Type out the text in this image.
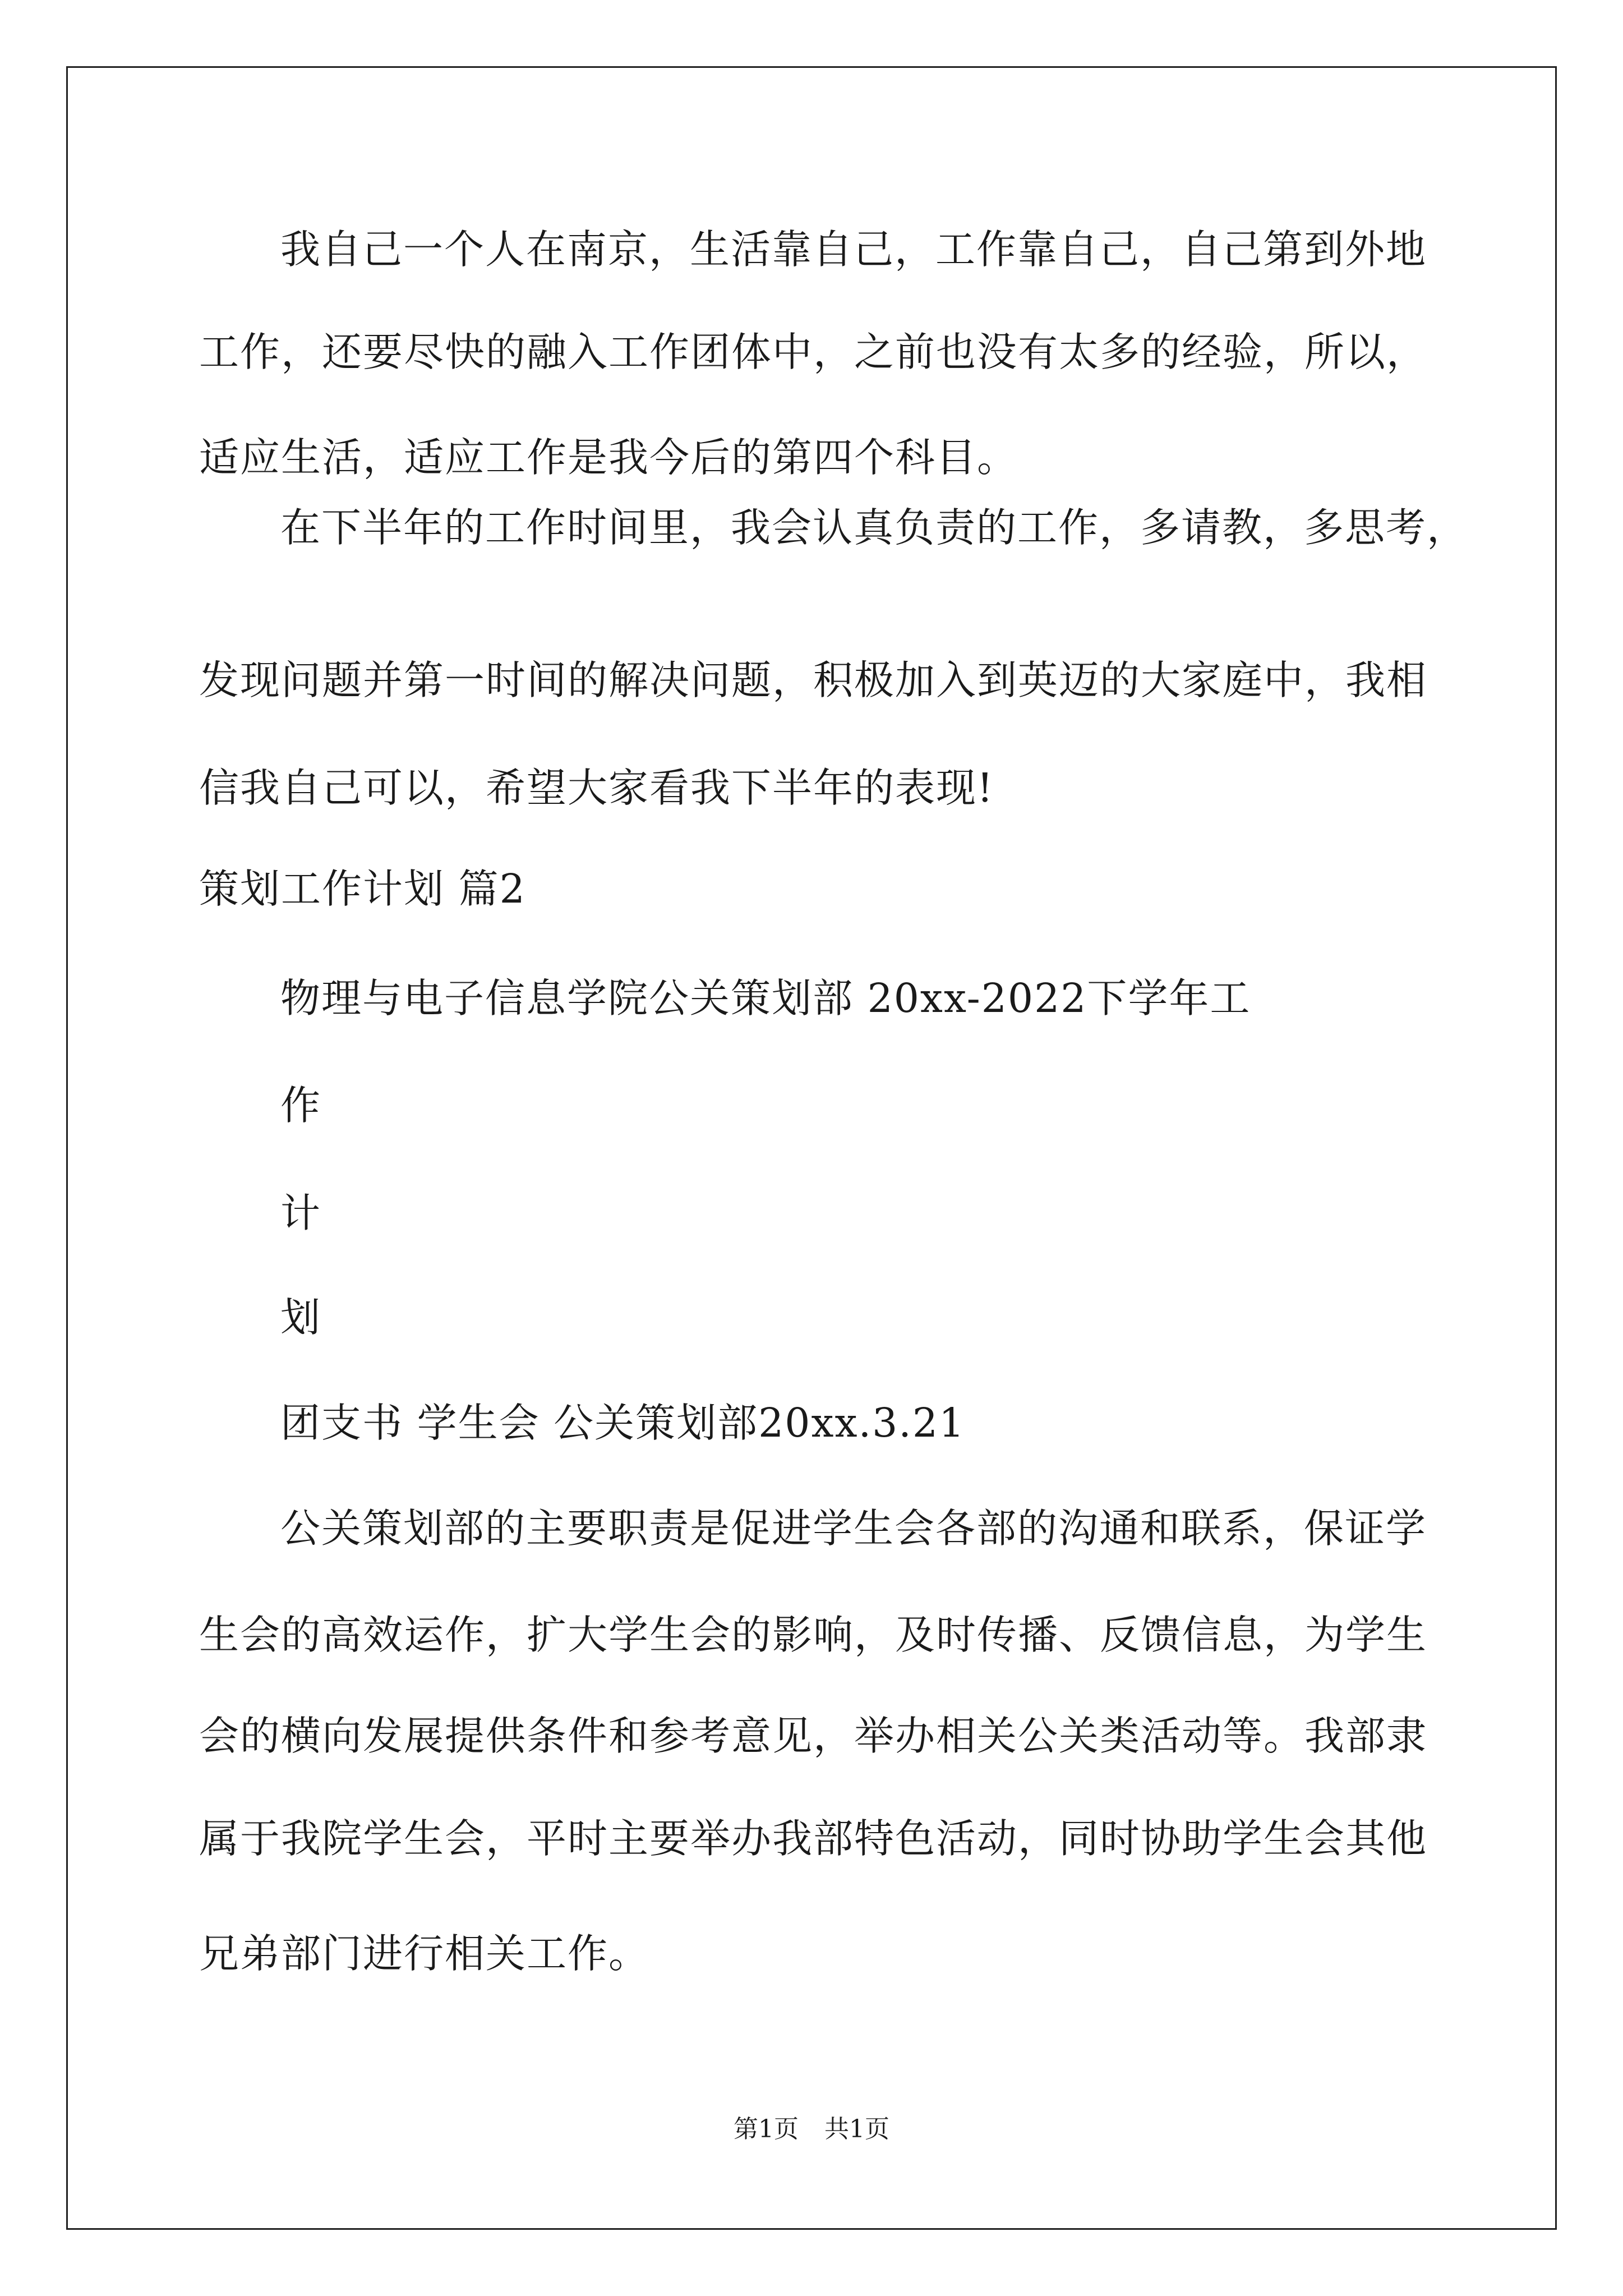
我自己一个人在南京，生活靠自己，工作靠自己，自己第到外地
工作，还要尽快的融入工作团体中，之前也没有太多的经验，所以，
适应生活，适应工作是我今后的第四个科目。
在下半年的工作时间里，我会认真负责的工作，多请教，多思考，
发现问题并第一时间的解决问题，积极加入到英迈的大家庭中，我相
信我自己可以，希望大家看我下半年的表现!
策划工作计划 篇2
物理与电子信息学院公关策划部 20xx-2022下学年工
作
计
划
团支书 学生会 公关策划部20xx.3.21
公关策划部的主要职责是促进学生会各部的沟通和联系，保证学
生会的高效运作，扩大学生会的影响，及时传播、反馈信息，为学生
会的横向发展提供条件和参考意见，举办相关公关类活动等。我部隶
属于我院学生会，平时主要举办我部特色活动，同时协助学生会其他
兄弟部门进行相关工作。
第1页 共1页
